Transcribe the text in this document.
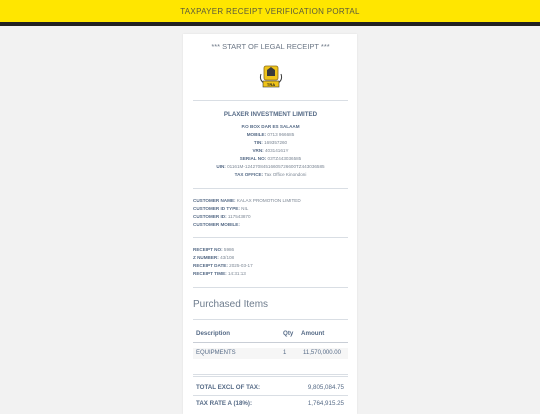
TAXPAYER RECEIPT VERIFICATION PORTAL
*** START OF LEGAL RECEIPT ***
TRA
PLAXER INVESTMENT LIMITED
P.O BOX DAR ES SALAAM
MOBILE: 0713 966685
TIN: 169357260
VRN: 40314161Y
SERIAL NO: 03TZ443036585
UIN: 01161M-12427084516605726600TZ443036585
TAX OFFICE: Tax Office Kinondoni
CUSTOMER NAME: KALAX PROMOTION LIMITED
CUSTOMER ID TYPE: NIL
CUSTOMER ID: 117543870
CUSTOMER MOBILE:
RECEIPT NO: 5986
Z NUMBER: 43/108
RECEIPT DATE: 2025-03-17
RECEIPT TIME: 14:31:13
Purchased Items
Description	Qty Amount
EQUIPMENTS	1	11,570,000.00
TOTAL EXCL OF TAX:	9,805,084.75
TAX RATE A (18%):	1,764,915.25
